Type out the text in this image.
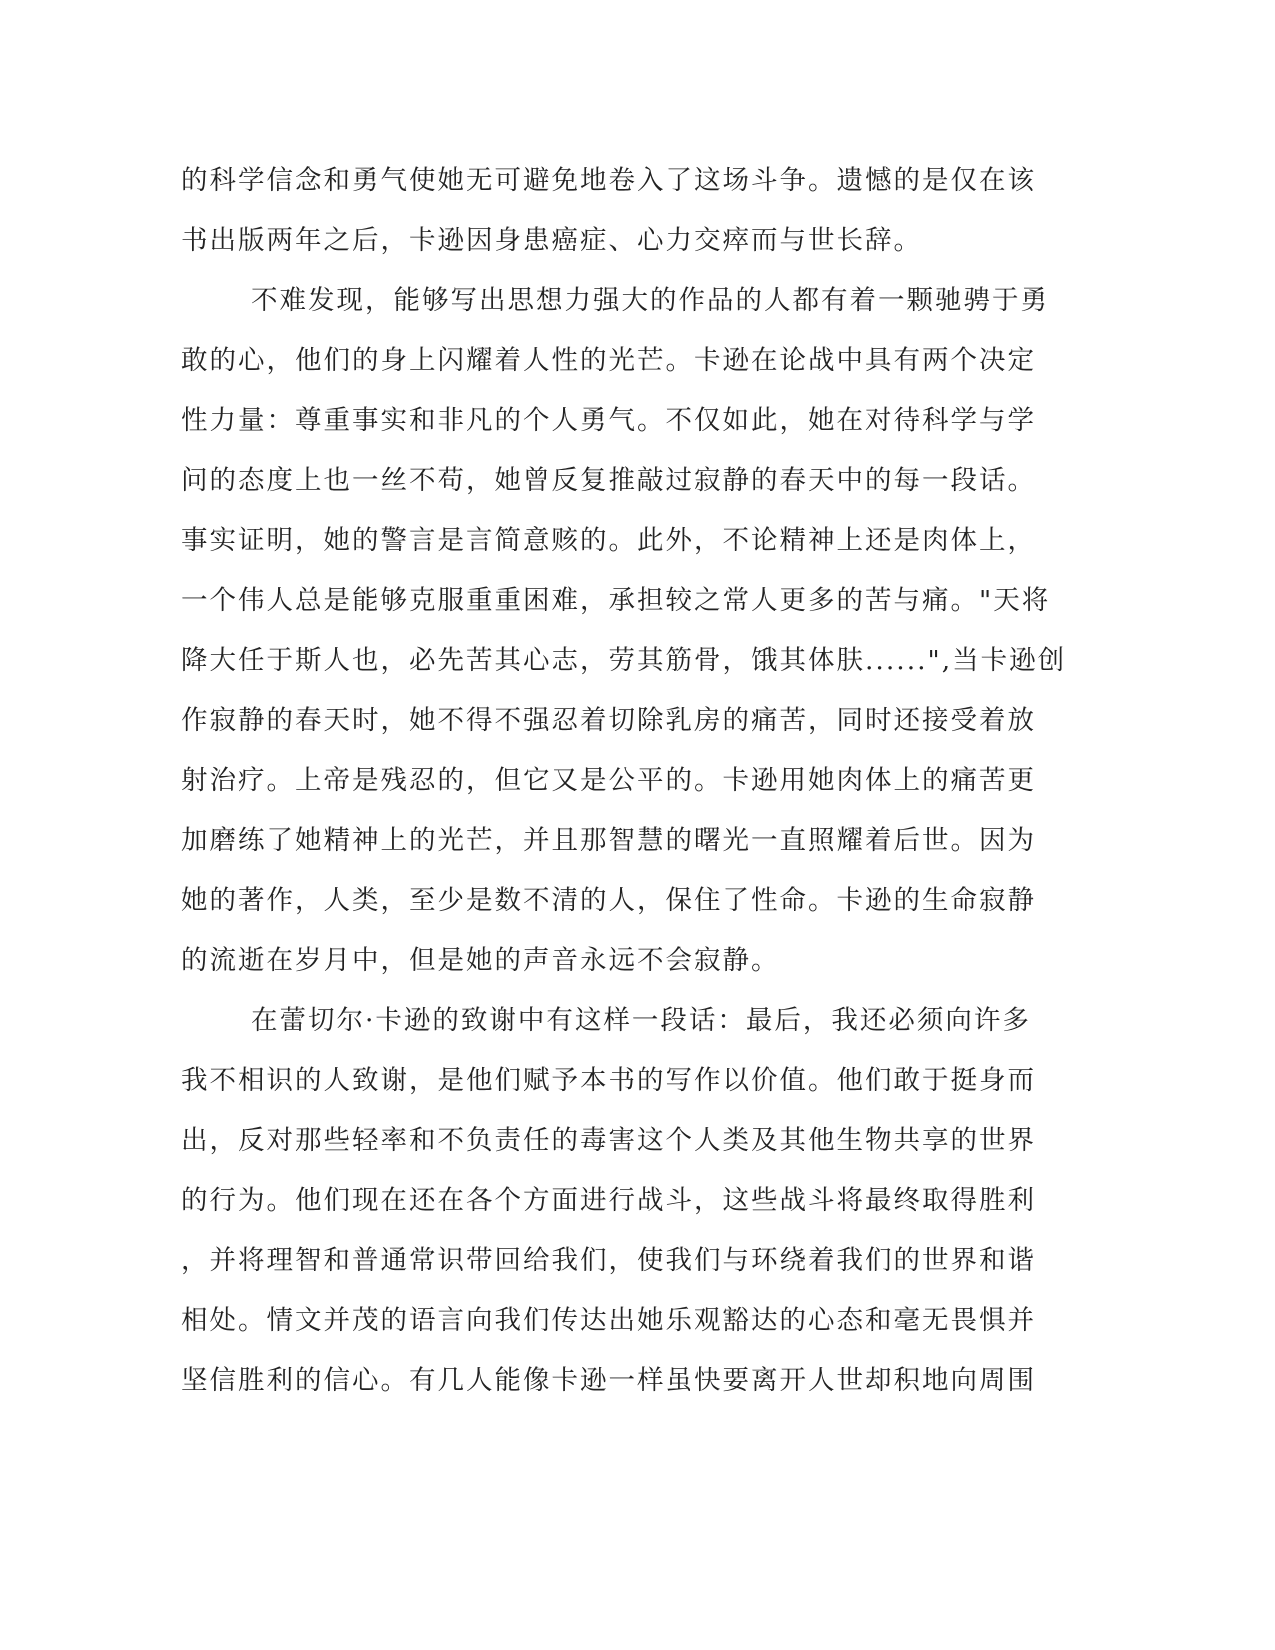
的科学信念和勇气使她无可避免地卷入了这场斗争。遗憾的是仅在该
书出版两年之后，卡逊因身患癌症、心力交瘁而与世长辞。
不难发现，能够写出思想力强大的作品的人都有着一颗驰骋于勇
敢的心，他们的身上闪耀着人性的光芒。卡逊在论战中具有两个决定
性力量：尊重事实和非凡的个人勇气。不仅如此，她在对待科学与学
问的态度上也一丝不苟，她曾反复推敲过寂静的春天中的每一段话。
事实证明，她的警言是言简意赅的。此外，不论精神上还是肉体上，
一个伟人总是能够克服重重困难，承担较之常人更多的苦与痛。"天将
降大任于斯人也，必先苦其心志，劳其筋骨，饿其体肤......",当卡逊创
作寂静的春天时，她不得不强忍着切除乳房的痛苦，同时还接受着放
射治疗。上帝是残忍的，但它又是公平的。卡逊用她肉体上的痛苦更
加磨练了她精神上的光芒，并且那智慧的曙光一直照耀着后世。因为
她的著作，人类，至少是数不清的人，保住了性命。卡逊的生命寂静
的流逝在岁月中，但是她的声音永远不会寂静。
在蕾切尔·卡逊的致谢中有这样一段话：最后，我还必须向许多
我不相识的人致谢，是他们赋予本书的写作以价值。他们敢于挺身而
出，反对那些轻率和不负责任的毒害这个人类及其他生物共享的世界
的行为。他们现在还在各个方面进行战斗，这些战斗将最终取得胜利
，并将理智和普通常识带回给我们，使我们与环绕着我们的世界和谐
相处。情文并茂的语言向我们传达出她乐观豁达的心态和毫无畏惧并
坚信胜利的信心。有几人能像卡逊一样虽快要离开人世却积地向周围
